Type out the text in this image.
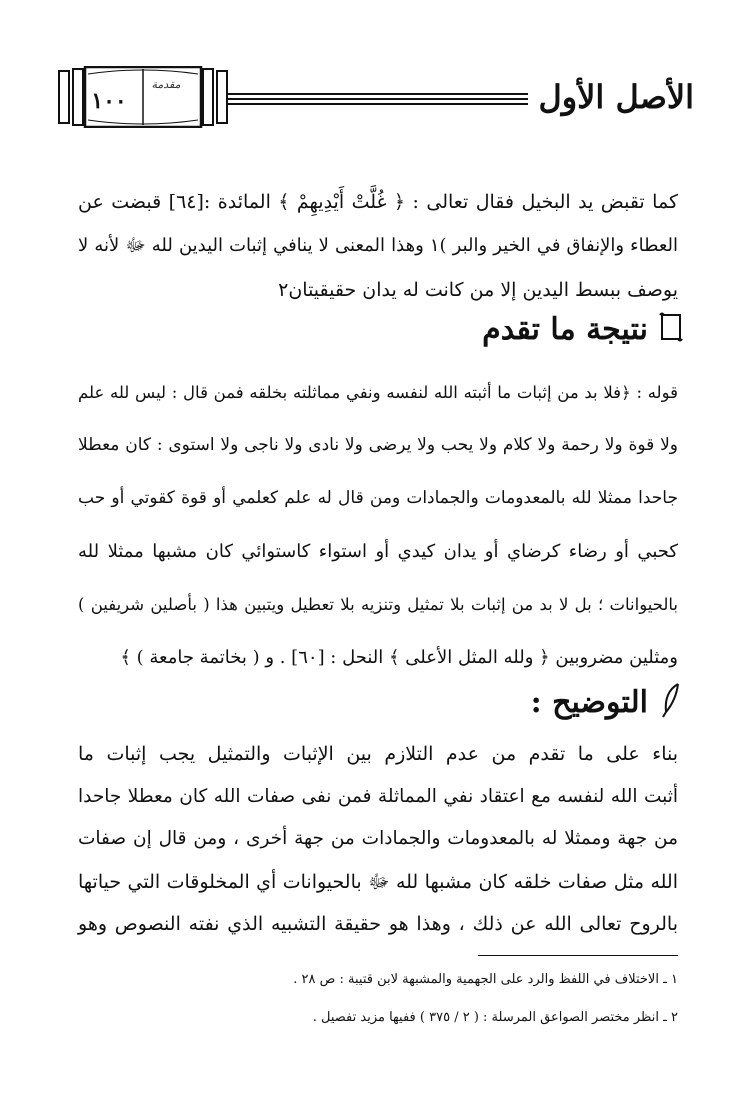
١٠٠
مقدمة	الأصل الأول

كما تقبض يد البخيل فقال تعالى : ﴿ غُلَّتْ أَيْدِيهِمْ ﴾ المائدة :[٦٤] قبضت عن

العطاء والإنفاق في الخير والبر )١ وهذا المعنى لا ينافي إثبات اليدين لله ﷻ لأنه لا

يوصف ببسط اليدين إلا من كانت له يدان حقيقيتان٢

نتيجة ما تقدم

قوله : ﴿فلا بد من إثبات ما أثبته الله لنفسه ونفي مماثلته بخلقه فمن قال : ليس لله علم

ولا قوة ولا رحمة ولا كلام ولا يحب ولا يرضى ولا نادى ولا ناجى ولا استوى : كان معطلا

جاحدا ممثلا لله بالمعدومات والجمادات ومن قال له علم كعلمي أو قوة كقوتي أو حب

كحبي أو رضاء كرضاي أو يدان كيدي أو استواء كاستوائي كان مشبها ممثلا لله

بالحيوانات ؛ بل لا بد من إثبات بلا تمثيل وتنزيه بلا تعطيل ويتبين هذا ( بأصلين شريفين )

ومثلين مضروبين ﴿ ولله المثل الأعلى ﴾ النحل : [٦٠] . و ( بخاتمة جامعة ) ﴾

التوضيح :

بناء على ما تقدم من عدم التلازم بين الإثبات والتمثيل يجب إثبات ما

أثبت الله لنفسه مع اعتقاد نفي المماثلة فمن نفى صفات الله كان معطلا جاحدا

من جهة وممثلا له بالمعدومات والجمادات من جهة أخرى ، ومن قال إن صفات

الله مثل صفات خلقه كان مشبها لله ﷻ بالحيوانات أي المخلوقات التي حياتها

بالروح تعالى الله عن ذلك ، وهذا هو حقيقة التشبيه الذي نفته النصوص وهو

١ ـ الاختلاف في اللفظ والرد على الجهمية والمشبهة لابن قتيبة : ص ٢٨ .
٢ ـ انظر مختصر الصواعق المرسلة : ( ٢ / ٣٧٥ ) ففيها مزيد تفصيل .
